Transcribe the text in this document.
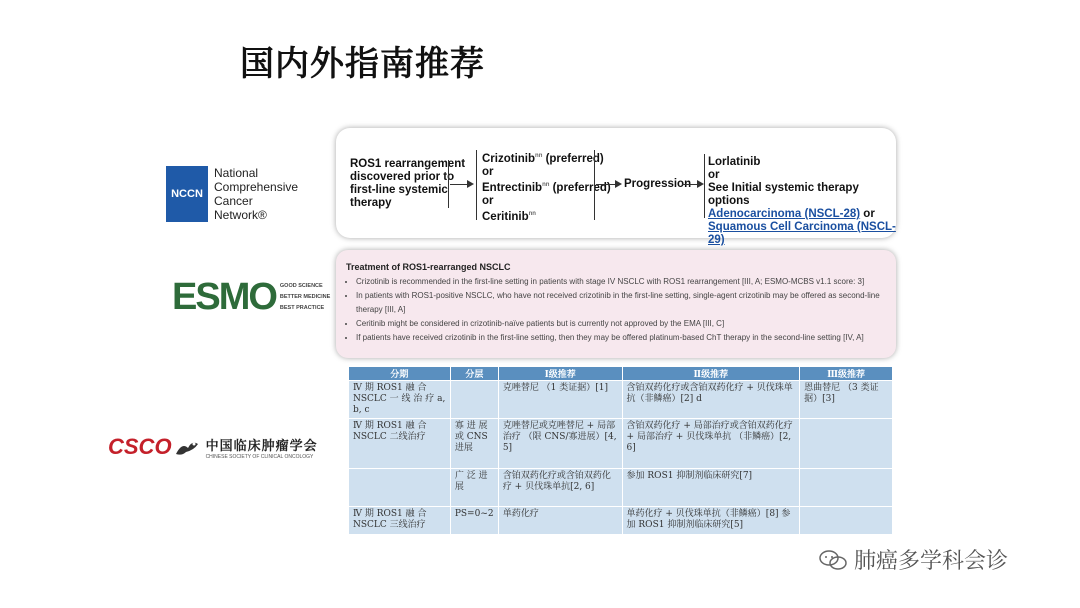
国内外指南推荐
NCCN
National
Comprehensive
Cancer
Network®
ROS1 rearrangement
discovered prior to
first-line systemic
therapy
Crizotinib$^{nn}$ (preferred)
or
Entrectinib$^{nn}$ (preferred)
or
Ceritinib$^{nn}$
Progression
Lorlatinib
or
See Initial systemic therapy options
Adenocarcinoma (NSCL-28) or
Squamous Cell Carcinoma (NSCL-29)
ESMO GOOD SCIENCE
BETTER MEDICINE
BEST PRACTICE
Treatment of ROS1-rearranged NSCLC
• Crizotinib is recommended in the first-line setting in patients with stage IV NSCLC with ROS1 rearrangement [III, A; ESMO-MCBS v1.1 score: 3]
• In patients with ROS1-positive NSCLC, who have not received crizotinib in the first-line setting, single-agent crizotinib may be offered as second-line therapy [III, A]
• Ceritinib might be considered in crizotinib-naïve patients but is currently not approved by the EMA [III, C]
• If patients have received crizotinib in the first-line setting, then they may be offered platinum-based ChT therapy in the second-line setting [IV, A]
CSCO	中国临床肿瘤学会
CHINESE SOCIETY OF CLINICAL ONCOLOGY
分期	分层	Ⅰ级推荐	Ⅱ级推荐	Ⅲ级推荐
Ⅳ 期 ROS1 融 合 NSCLC 一 线 治 疗 a, b, c		克唑替尼 （1 类证据）[1]	含铂双药化疗或含铂双药化疗 + 贝伐珠单抗（非鳞癌）[2] d	恩曲替尼 （3 类证据）[3]
Ⅳ 期 ROS1 融 合 NSCLC 二线治疗	寡 进 展 或 CNS 进展	克唑替尼或克唑替尼 + 局部治疗 （限 CNS/寡进展）[4, 5]	含铂双药化疗 + 局部治疗或含铂双药化疗 + 局部治疗 + 贝伐珠单抗 （非鳞癌）[2, 6]	
	广 泛 进 展	含铂双药化疗或含铂双药化疗 + 贝伐珠单抗[2, 6]	参加 ROS1 抑制剂临床研究[7]	
Ⅳ 期 ROS1 融 合 NSCLC 三线治疗	PS=0~2	单药化疗	单药化疗 + 贝伐珠单抗（非鳞癌）[8] 参加 ROS1 抑制剂临床研究[5]	
肺癌多学科会诊
